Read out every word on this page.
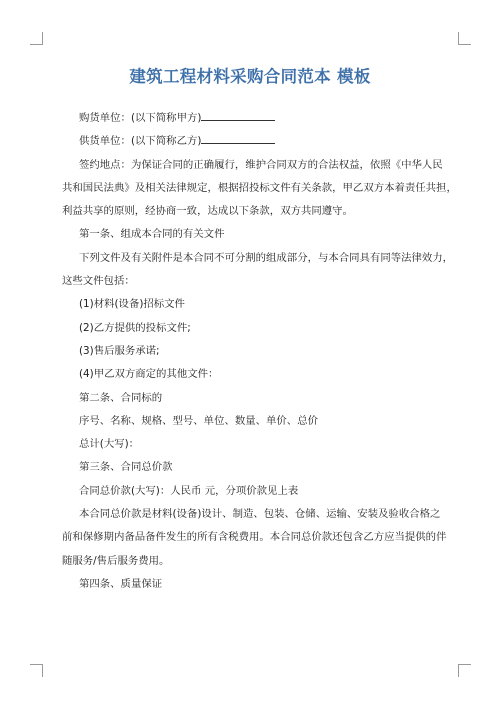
建筑工程材料采购合同范本 模板

购货单位：(以下简称甲方)

供货单位：(以下简称乙方)

签约地点：为保证合同的正确履行，维护合同双方的合法权益，依照《中华人民

共和国民法典》及相关法律规定，根据招投标文件有关条款，甲乙双方本着责任共担，

利益共享的原则，经协商一致，达成以下条款，双方共同遵守。

第一条、组成本合同的有关文件

下列文件及有关附件是本合同不可分割的组成部分，与本合同具有同等法律效力，

这些文件包括：

(1)材料(设备)招标文件

(2)乙方提供的投标文件;

(3)售后服务承诺;

(4)甲乙双方商定的其他文件：

第二条、合同标的

序号、名称、规格、型号、单位、数量、单价、总价

总计(大写)：

第三条、合同总价款

合同总价款(大写)：人民币 元，分项价款见上表

本合同总价款是材料(设备)设计、制造、包装、仓储、运输、安装及验收合格之

前和保修期内备品备件发生的所有含税费用。本合同总价款还包含乙方应当提供的伴

随服务/售后服务费用。

第四条、质量保证
